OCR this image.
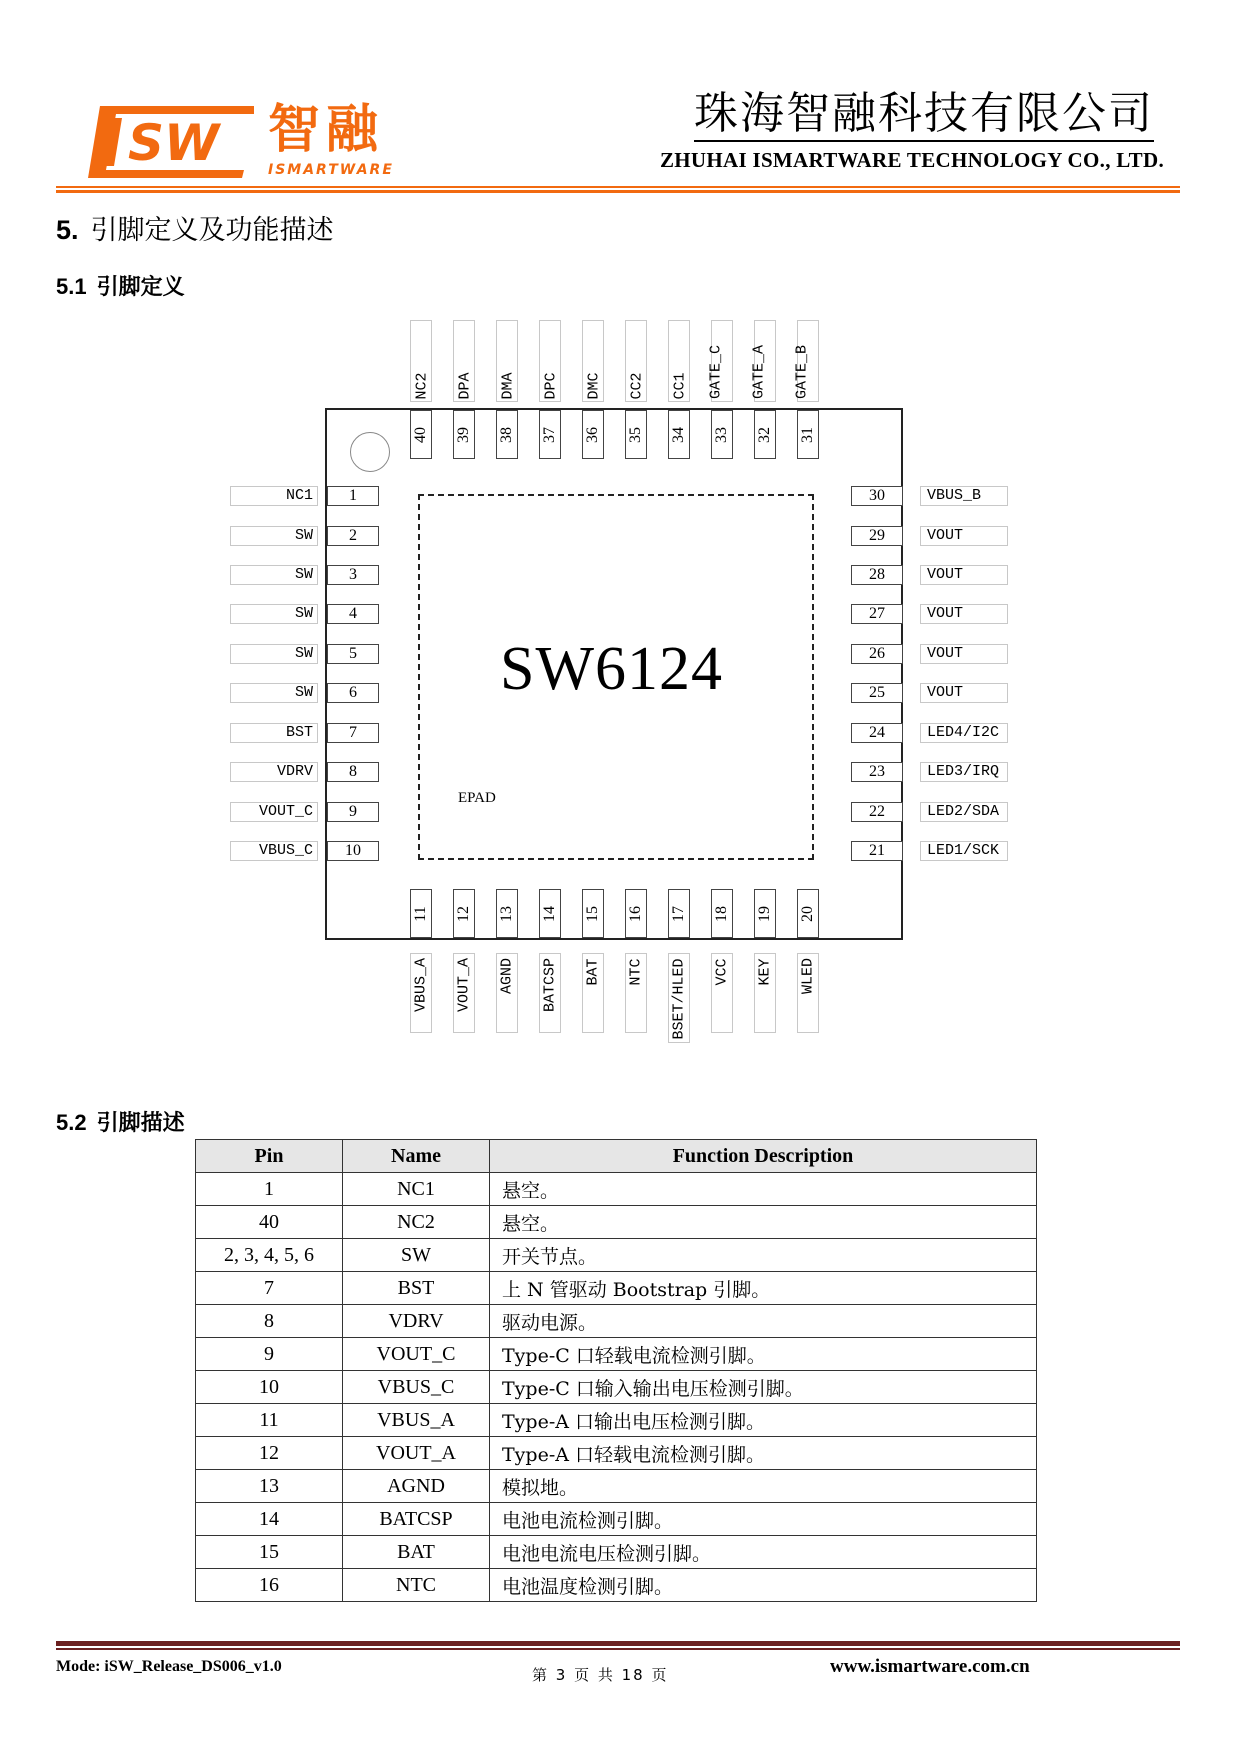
SW 智融
ISMARTWARE
珠海智融科技有限公司
ZHUHAI ISMARTWARE TECHNOLOGY CO., LTD.
5. 引脚定义及功能描述
5.1 引脚定义
SW6124
EPAD
NC1	1
SW	2
SW	3
SW	4
SW	5
SW	6
BST	7
VDRV	8
VOUT_C	9
VBUS_C	10
30	VBUS_B
29	VOUT
28	VOUT
27	VOUT
26	VOUT
25	VOUT
24	LED4/I2C
23	LED3/IRQ
22	LED2/SDA
21	LED1/SCK
NC2
40
DPA
39
DMA
38
DPC
37
DMC
36
CC2
35
CC1
34
GATE_C
33
GATE_A
32
GATE_B
31
11
VBUS_A
12
VOUT_A
13
AGND
14
BATCSP
15
BAT
16
NTC
17
BSET/HLED
18
VCC
19
KEY
20
WLED
5.2 引脚描述
Pin	Name	Function Description
1	NC1	悬空。
40	NC2	悬空。
2, 3, 4, 5, 6	SW	开关节点。
7	BST	上 N 管驱动 Bootstrap 引脚。
8	VDRV	驱动电源。
9	VOUT_C	Type-C 口轻载电流检测引脚。
10	VBUS_C	Type-C 口输入输出电压检测引脚。
11	VBUS_A	Type-A 口输出电压检测引脚。
12	VOUT_A	Type-A 口轻载电流检测引脚。
13	AGND	模拟地。
14	BATCSP	电池电流检测引脚。
15	BAT	电池电流电压检测引脚。
16	NTC	电池温度检测引脚。
Mode: iSW_Release_DS006_v1.0	第 3 页 共 18 页	www.ismartware.com.cn
